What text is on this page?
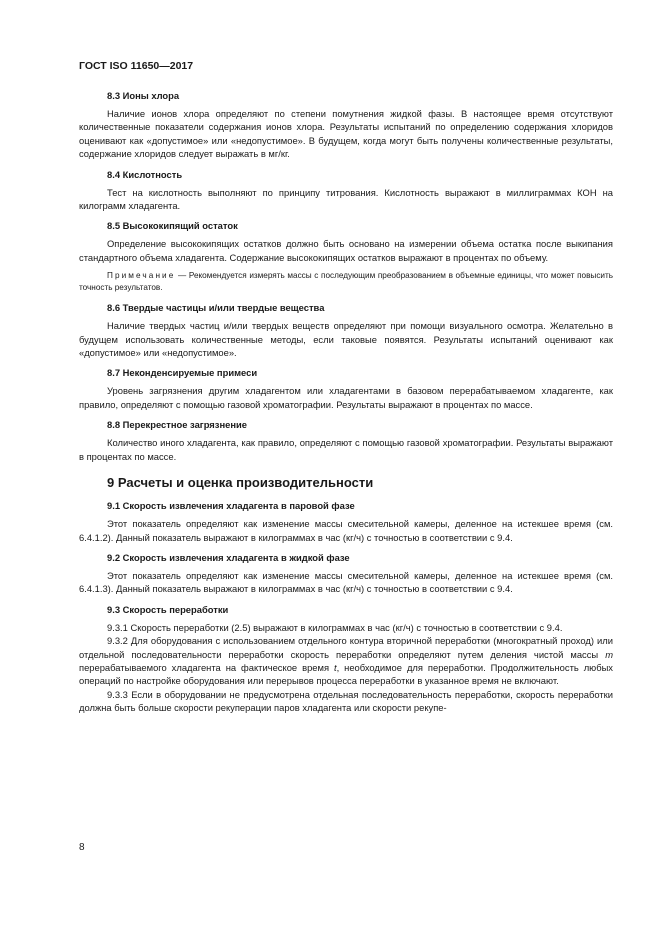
ГОСТ ISO 11650—2017

8.3 Ионы хлора

Наличие ионов хлора определяют по степени помутнения жидкой фазы. В настоящее время отсутствуют количественные показатели содержания ионов хлора. Результаты испытаний по определению содержания хлоридов оценивают как «допустимое» или «недопустимое». В будущем, когда могут быть получены количественные результаты, содержание хлоридов следует выражать в мг/кг.

8.4 Кислотность

Тест на кислотность выполняют по принципу титрования. Кислотность выражают в миллиграммах КОН на килограмм хладагента.

8.5 Высококипящий остаток

Определение высококипящих остатков должно быть основано на измерении объема остатка после выкипания стандартного объема хладагента. Содержание высококипящих остатков выражают в процентах по объему.

Примечание — Рекомендуется измерять массы с последующим преобразованием в объемные единицы, что может повысить точность результатов.

8.6 Твердые частицы и/или твердые вещества

Наличие твердых частиц и/или твердых веществ определяют при помощи визуального осмотра. Желательно в будущем использовать количественные методы, если таковые появятся. Результаты испытаний оценивают как «допустимое» или «недопустимое».

8.7 Неконденсируемые примеси

Уровень загрязнения другим хладагентом или хладагентами в базовом перерабатываемом хладагенте, как правило, определяют с помощью газовой хроматографии. Результаты выражают в процентах по массе.

8.8 Перекрестное загрязнение

Количество иного хладагента, как правило, определяют с помощью газовой хроматографии. Результаты выражают в процентах по массе.

9 Расчеты и оценка производительности

9.1 Скорость извлечения хладагента в паровой фазе

Этот показатель определяют как изменение массы смесительной камеры, деленное на истекшее время (см. 6.4.1.2). Данный показатель выражают в килограммах в час (кг/ч) с точностью в соответствии с 9.4.

9.2 Скорость извлечения хладагента в жидкой фазе

Этот показатель определяют как изменение массы смесительной камеры, деленное на истекшее время (см. 6.4.1.3). Данный показатель выражают в килограммах в час (кг/ч) с точностью в соответствии с 9.4.

9.3 Скорость переработки

9.3.1 Скорость переработки (2.5) выражают в килограммах в час (кг/ч) с точностью в соответствии с 9.4.

9.3.2 Для оборудования с использованием отдельного контура вторичной переработки (многократный проход) или отдельной последовательности переработки скорость переработки определяют путем деления чистой массы m перерабатываемого хладагента на фактическое время t, необходимое для переработки. Продолжительность любых операций по настройке оборудования или перерывов процесса переработки в указанное время не включают.

9.3.3 Если в оборудовании не предусмотрена отдельная последовательность переработки, скорость переработки должна быть больше скорости рекуперации паров хладагента или скорости рекупе-

8
